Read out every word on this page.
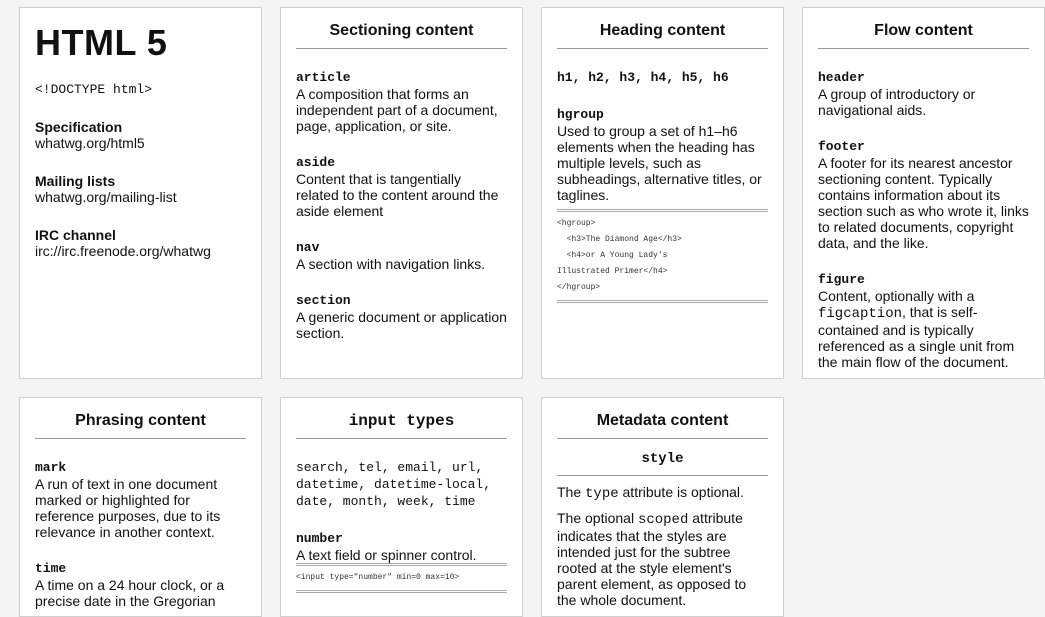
HTML 5
<!DOCTYPE html>
Specification
whatwg.org/html5
Mailing lists
whatwg.org/mailing-list
IRC channel
irc://irc.freenode.org/whatwg
Sectioning content
article
A composition that forms an independent part of a document, page, application, or site.
aside
Content that is tangentially related to the content around the aside element
nav
A section with navigation links.
section
A generic document or application section.
Heading content
h1, h2, h3, h4, h5, h6
hgroup
Used to group a set of h1–h6 elements when the heading has multiple levels, such as subheadings, alternative titles, or taglines.
<hgroup>
<h3>The Diamond Age</h3>
<h4>or A Young Lady's
Illustrated Primer</h4>
</hgroup>
Flow content
header
A group of introductory or navigational aids.
footer
A footer for its nearest ancestor sectioning content. Typically contains information about its section such as who wrote it, links to related documents, copyright data, and the like.
figure
Content, optionally with a figcaption, that is self-contained and is typically referenced as a single unit from the main flow of the document.
Phrasing content
mark
A run of text in one document marked or highlighted for reference purposes, due to its relevance in another context.
time
A time on a 24 hour clock, or a precise date in the Gregorian
input types
search, tel, email, url, datetime, datetime-local, date, month, week, time
number
A text field or spinner control.
<input type="number" min=0 max=10>
Metadata content
style
The type attribute is optional.
The optional scoped attribute indicates that the styles are intended just for the subtree rooted at the style element's parent element, as opposed to the whole document.
